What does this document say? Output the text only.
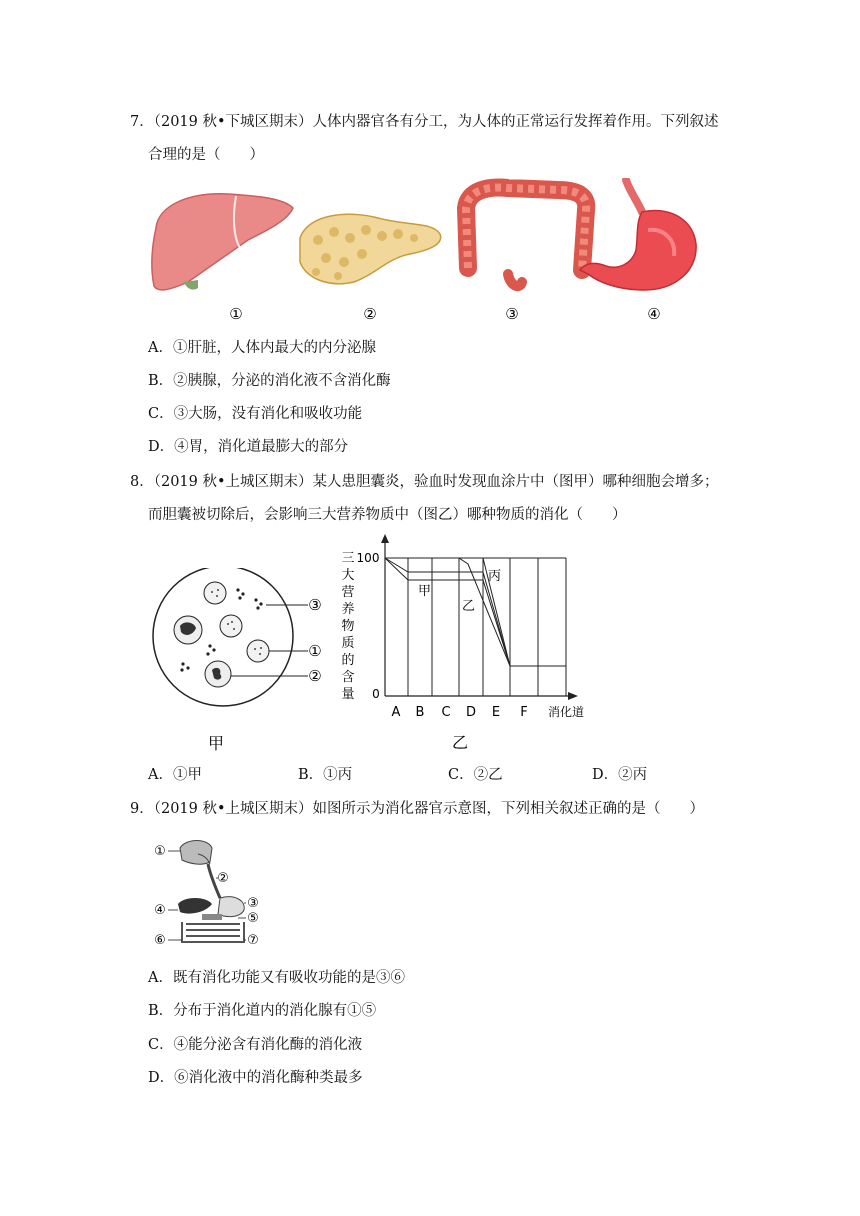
7．（2019 秋•下城区期末）人体内器官各有分工，为人体的正常运行发挥着作用。下列叙述
合理的是（　　）
①	②	③	④
A．①肝脏，人体内最大的内分泌腺
B．②胰腺，分泌的消化液不含消化酶
C．③大肠，没有消化和吸收功能
D．④胃，消化道最膨大的部分
8．（2019 秋•上城区期末）某人患胆囊炎，验血时发现血涂片中（图甲）哪种细胞会增多；
而胆囊被切除后，会影响三大营养物质中（图乙）哪种物质的消化（　　）
③
①
②
甲
三
大
营
养
物
质
的
含
量
100
0
甲
乙
丙
A B C D E F 消化道
乙
A．①甲	B．①丙	C．②乙	D．②丙
9．（2019 秋•上城区期末）如图所示为消化器官示意图，下列相关叙述正确的是（　　）
①
②
③
④
⑤
⑥	⑦
A．既有消化功能又有吸收功能的是③⑥
B．分布于消化道内的消化腺有①⑤
C．④能分泌含有消化酶的消化液
D．⑥消化液中的消化酶种类最多
